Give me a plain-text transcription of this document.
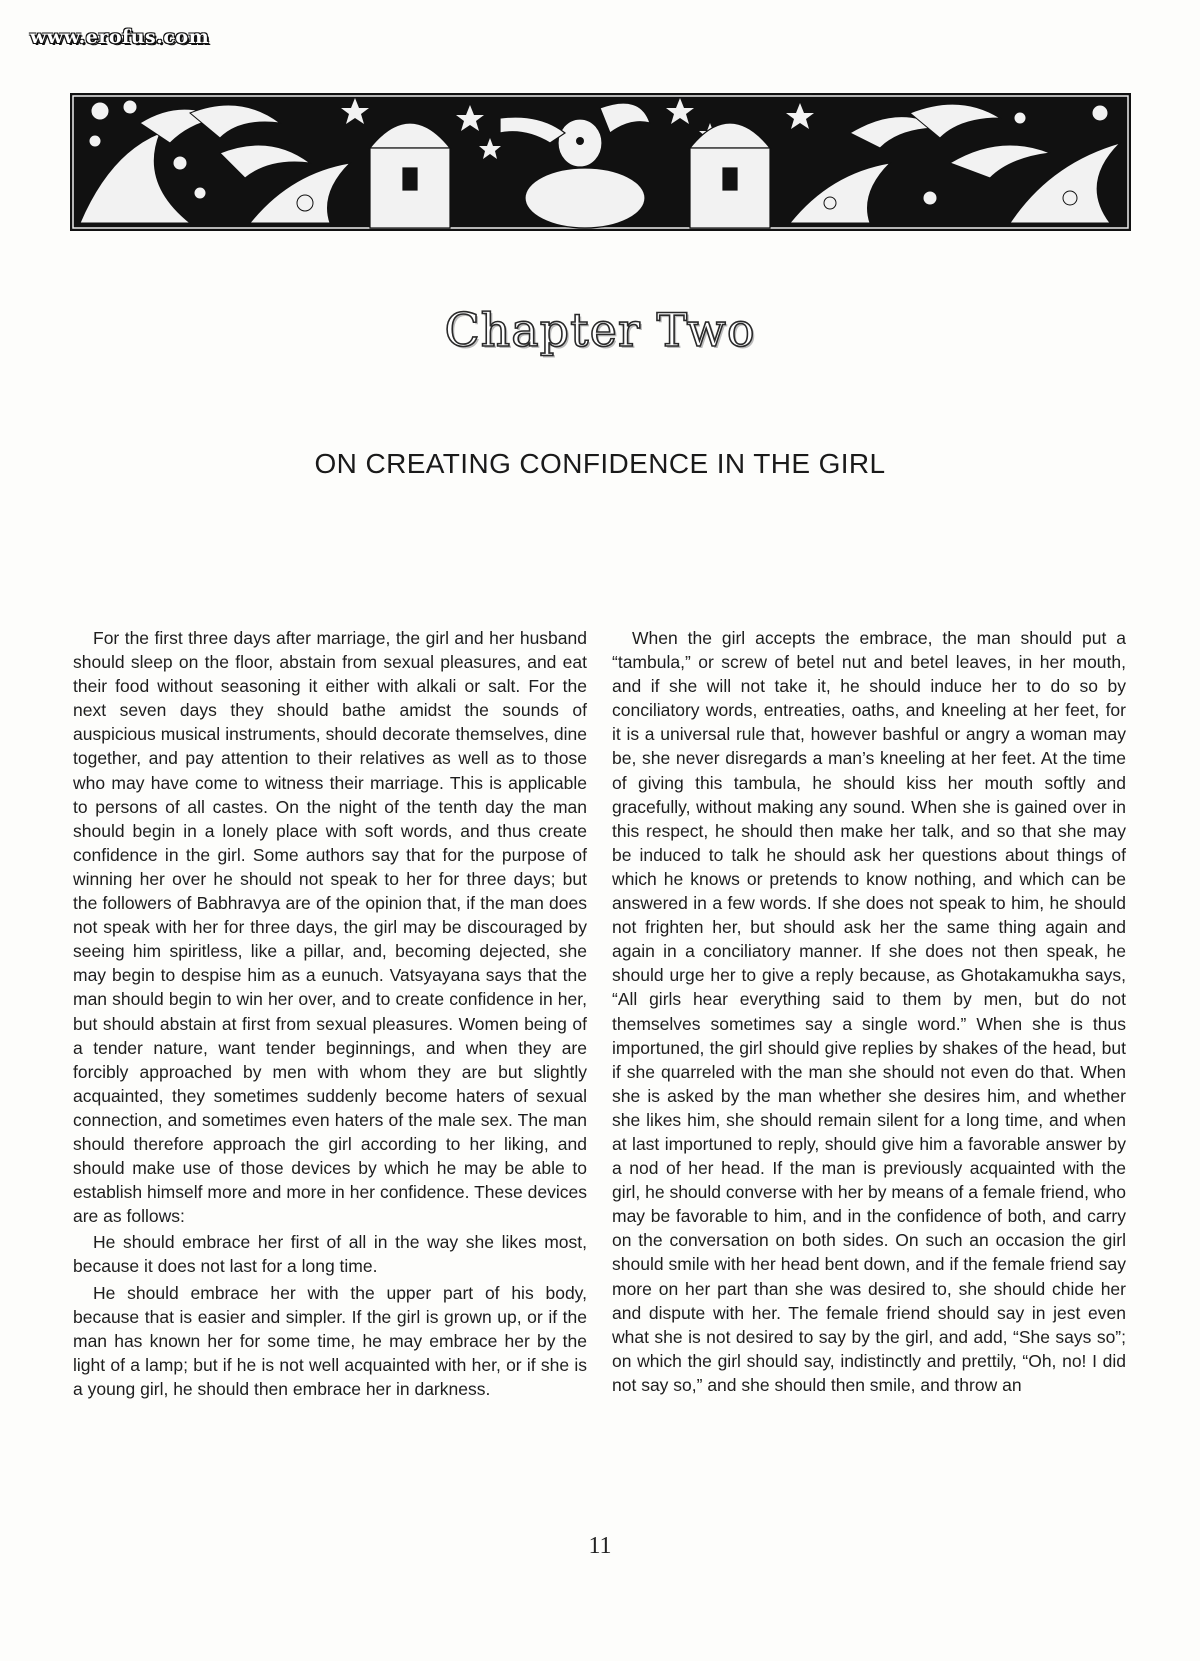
www.erofus.com
Chapter Two
ON CREATING CONFIDENCE IN THE GIRL

For the first three days after marriage, the girl and her husband should sleep on the floor, abstain from sexual pleasures, and eat their food without seasoning it either with alkali or salt. For the next seven days they should bathe amidst the sounds of auspicious musical instruments, should decorate themselves, dine together, and pay attention to their relatives as well as to those who may have come to witness their marriage. This is applicable to persons of all castes. On the night of the tenth day the man should begin in a lonely place with soft words, and thus create confidence in the girl. Some authors say that for the purpose of winning her over he should not speak to her for three days; but the followers of Babhravya are of the opinion that, if the man does not speak with her for three days, the girl may be discouraged by seeing him spiritless, like a pillar, and, becoming dejected, she may begin to despise him as a eunuch. Vatsyayana says that the man should begin to win her over, and to create confidence in her, but should abstain at first from sexual pleasures. Women being of a tender nature, want tender beginnings, and when they are forcibly approached by men with whom they are but slightly acquainted, they sometimes suddenly become haters of sexual connection, and sometimes even haters of the male sex. The man should therefore approach the girl according to her liking, and should make use of those devices by which he may be able to establish himself more and more in her confidence. These devices are as follows:

He should embrace her first of all in the way she likes most, because it does not last for a long time.

He should embrace her with the upper part of his body, because that is easier and simpler. If the girl is grown up, or if the man has known her for some time, he may embrace her by the light of a lamp; but if he is not well acquainted with her, or if she is a young girl, he should then embrace her in darkness.

When the girl accepts the embrace, the man should put a “tambula,” or screw of betel nut and betel leaves, in her mouth, and if she will not take it, he should induce her to do so by conciliatory words, entreaties, oaths, and kneeling at her feet, for it is a universal rule that, however bashful or angry a woman may be, she never disregards a man’s kneeling at her feet. At the time of giving this tambula, he should kiss her mouth softly and gracefully, without making any sound. When she is gained over in this respect, he should then make her talk, and so that she may be induced to talk he should ask her questions about things of which he knows or pretends to know nothing, and which can be answered in a few words. If she does not speak to him, he should not frighten her, but should ask her the same thing again and again in a conciliatory manner. If she does not then speak, he should urge her to give a reply because, as Ghotakamukha says, “All girls hear everything said to them by men, but do not themselves sometimes say a single word.” When she is thus importuned, the girl should give replies by shakes of the head, but if she quarreled with the man she should not even do that. When she is asked by the man whether she desires him, and whether she likes him, she should remain silent for a long time, and when at last importuned to reply, should give him a favorable answer by a nod of her head. If the man is previously acquainted with the girl, he should converse with her by means of a female friend, who may be favorable to him, and in the confidence of both, and carry on the conversation on both sides. On such an occasion the girl should smile with her head bent down, and if the female friend say more on her part than she was desired to, she should chide her and dispute with her. The female friend should say in jest even what she is not desired to say by the girl, and add, “She says so”; on which the girl should say, indistinctly and prettily, “Oh, no! I did not say so,” and she should then smile, and throw an

11
